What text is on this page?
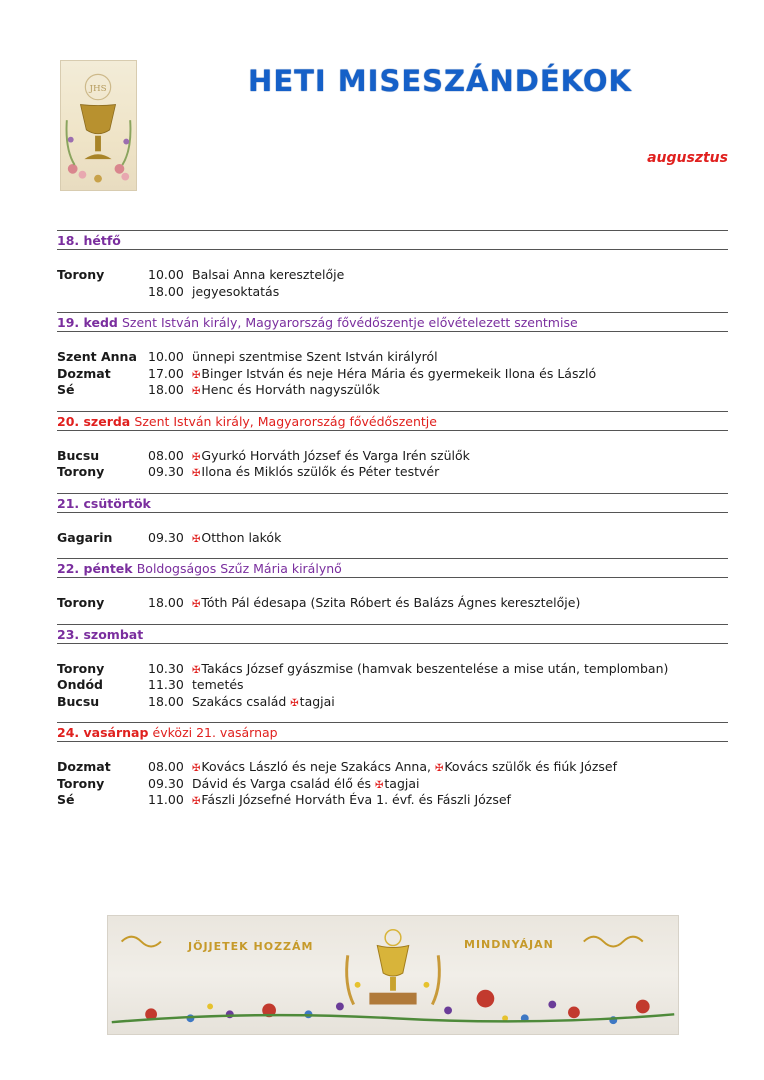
JHS	HETI MISESZÁNDÉKOK
augusztus
18. hétfő
Torony	10.00 Balsai Anna keresztelője
18.00 jegyesoktatás
19. kedd Szent István király, Magyarország fővédőszentje elővételezett szentmise
Szent Anna 10.00 ünnepi szentmise Szent István királyról
Dozmat	17.00 ✠Binger István és neje Héra Mária és gyermekeik Ilona és László
Sé	18.00 ✠Henc és Horváth nagyszülők
20. szerda Szent István király, Magyarország fővédőszentje
Bucsu	08.00 ✠Gyurkó Horváth József és Varga Irén szülők
Torony	09.30 ✠Ilona és Miklós szülők és Péter testvér
21. csütörtök
Gagarin	09.30 ✠Otthon lakók
22. péntek Boldogságos Szűz Mária királynő
Torony	18.00 ✠Tóth Pál édesapa (Szita Róbert és Balázs Ágnes keresztelője)
23. szombat
Torony	10.30 ✠Takács József gyászmise (hamvak beszentelése a mise után, templomban)
Ondód	11.30 temetés
Bucsu	18.00 Szakács család ✠tagjai
24. vasárnap évközi 21. vasárnap
Dozmat	08.00 ✠Kovács László és neje Szakács Anna, ✠Kovács szülők és fiúk József
Torony	09.30 Dávid és Varga család élő és ✠tagjai
Sé	11.00 ✠Fászli Józsefné Horváth Éva 1. évf. és Fászli József
JÖJJETEK HOZZÁM	MINDNYÁJAN
